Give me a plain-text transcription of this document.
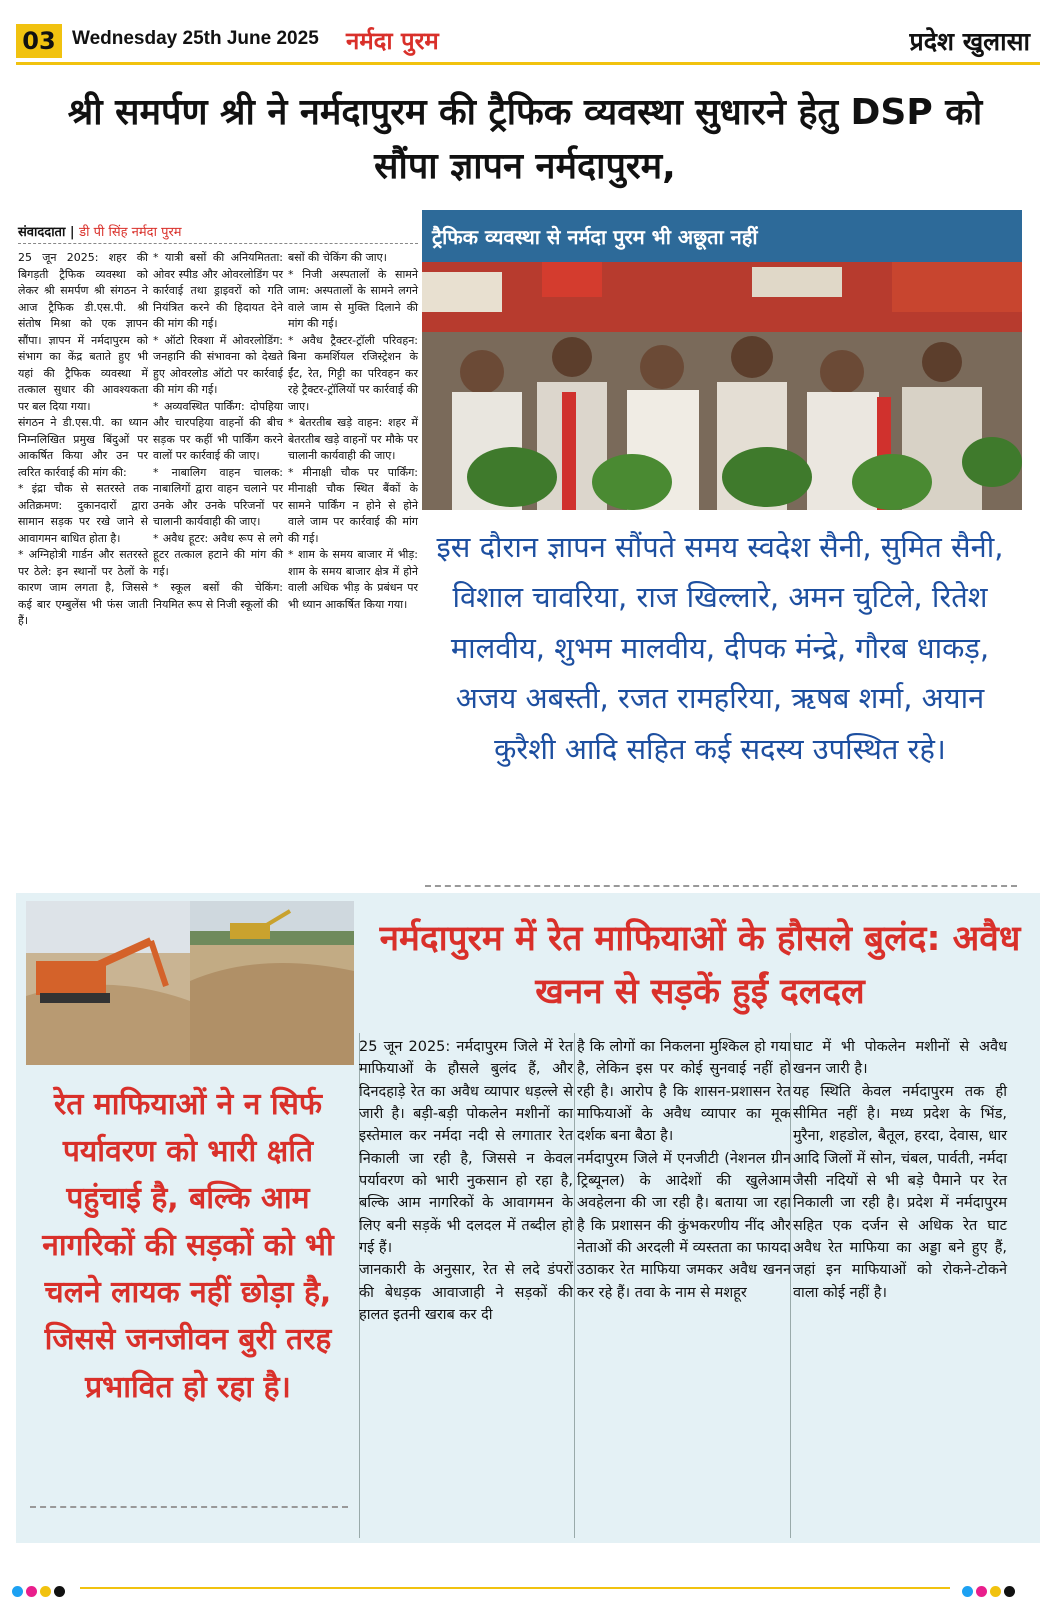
03 Wednesday 25th June 2025 नर्मदा पुरम	प्रदेश खुलासा
श्री समर्पण श्री ने नर्मदापुरम की ट्रैफिक व्यवस्था सुधारने हेतु DSP को सौंपा ज्ञापन नर्मदापुरम,
संवाददाता | डी पी सिंह नर्मदा पुरम
25 जून 2025: शहर की बिगड़ती ट्रैफिक व्यवस्था को लेकर श्री समर्पण श्री संगठन ने आज ट्रैफिक डी.एस.पी. श्री संतोष मिश्रा को एक ज्ञापन सौंपा। ज्ञापन में नर्मदापुरम को संभाग का केंद्र बताते हुए भी यहां की ट्रैफिक व्यवस्था में तत्काल सुधार की आवश्यकता पर बल दिया गया।
संगठन ने डी.एस.पी. का ध्यान निम्नलिखित प्रमुख बिंदुओं पर आकर्षित किया और उन पर त्वरित कार्रवाई की मांग की:
* इंद्रा चौक से सतरस्ते तक अतिक्रमण: दुकानदारों द्वारा सामान सड़क पर रखे जाने से आवागमन बाधित होता है।
* अग्निहोत्री गार्डन और सतरस्ते पर ठेले: इन स्थानों पर ठेलों के कारण जाम लगता है, जिससे कई बार एम्बुलेंस भी फंस जाती हैं।
* यात्री बसों की अनियमितता: ओवर स्पीड और ओवरलोडिंग पर कार्रवाई तथा ड्राइवरों को गति नियंत्रित करने की हिदायत देने की मांग की गई।
* ऑटो रिक्शा में ओवरलोडिंग: जनहानि की संभावना को देखते हुए ओवरलोड ऑटो पर कार्रवाई की मांग की गई।
* अव्यवस्थित पार्किंग: दोपहिया और चारपहिया वाहनों की बीच सड़क पर कहीं भी पार्किंग करने वालों पर कार्रवाई की जाए।
* नाबालिग वाहन चालक: नाबालिगों द्वारा वाहन चलाने पर उनके और उनके परिजनों पर चालानी कार्यवाही की जाए।
* अवैध हूटर: अवैध रूप से लगे हूटर तत्काल हटाने की मांग की गई।
* स्कूल बसों की चेकिंग: नियमित रूप से निजी स्कूलों की
बसों की चेकिंग की जाए।
* निजी अस्पतालों के सामने जाम: अस्पतालों के सामने लगने वाले जाम से मुक्ति दिलाने की मांग की गई।
* अवैध ट्रैक्टर-ट्रॉली परिवहन: बिना कमर्शियल रजिस्ट्रेशन के ईंट, रेत, गिट्टी का परिवहन कर रहे ट्रैक्टर-ट्रॉलियों पर कार्रवाई की जाए।
* बेतरतीब खड़े वाहन: शहर में बेतरतीब खड़े वाहनों पर मौके पर चालानी कार्यवाही की जाए।
* मीनाक्षी चौक पर पार्किंग: मीनाक्षी चौक स्थित बैंकों के सामने पार्किंग न होने से होने वाले जाम पर कार्रवाई की मांग की गई।
* शाम के समय बाजार में भीड़: शाम के समय बाजार क्षेत्र में होने वाली अधिक भीड़ के प्रबंधन पर भी ध्यान आकर्षित किया गया।
ट्रैफिक व्यवस्था से नर्मदा पुरम भी अछूता नहीं
इस दौरान ज्ञापन सौंपते समय स्वदेश सैनी, सुमित सैनी, विशाल चावरिया, राज खिल्लारे, अमन चुटिले, रितेश मालवीय, शुभम मालवीय, दीपक मंन्द्रे, गौरब धाकड़, अजय अबस्ती, रजत रामहरिया, ऋषब शर्मा, अयान कुरैशी आदि सहित कई सदस्य उपस्थित रहे।
नर्मदापुरम में रेत माफियाओं के हौसले बुलंद: अवैध खनन से सड़कें हुईं दलदल
रेत माफियाओं ने न सिर्फ पर्यावरण को भारी क्षति पहुंचाई है, बल्कि आम नागरिकों की सड़कों को भी चलने लायक नहीं छोड़ा है, जिससे जनजीवन बुरी तरह प्रभावित हो रहा है।
25 जून 2025: नर्मदापुरम जिले में रेत माफियाओं के हौसले बुलंद हैं, और दिनदहाड़े रेत का अवैध व्यापार धड़ल्ले से जारी है। बड़ी-बड़ी पोकलेन मशीनों का इस्तेमाल कर नर्मदा नदी से लगातार रेत निकाली जा रही है, जिससे न केवल पर्यावरण को भारी नुकसान हो रहा है, बल्कि आम नागरिकों के आवागमन के लिए बनी सड़कें भी दलदल में तब्दील हो गई हैं।
जानकारी के अनुसार, रेत से लदे डंपरों की बेधड़क आवाजाही ने सड़कों की हालत इतनी खराब कर दी
है कि लोगों का निकलना मुश्किल हो गया है, लेकिन इस पर कोई सुनवाई नहीं हो रही है। आरोप है कि शासन-प्रशासन रेत माफियाओं के अवैध व्यापार का मूक दर्शक बना बैठा है।
नर्मदापुरम जिले में एनजीटी (नेशनल ग्रीन ट्रिब्यूनल) के आदेशों की खुलेआम अवहेलना की जा रही है। बताया जा रहा है कि प्रशासन की कुंभकरणीय नींद और नेताओं की अरदली में व्यस्तता का फायदा उठाकर रेत माफिया जमकर अवैध खनन कर रहे हैं। तवा के नाम से मशहूर
घाट में भी पोकलेन मशीनों से अवैध खनन जारी है।
यह स्थिति केवल नर्मदापुरम तक ही सीमित नहीं है। मध्य प्रदेश के भिंड, मुरैना, शहडोल, बैतूल, हरदा, देवास, धार आदि जिलों में सोन, चंबल, पार्वती, नर्मदा जैसी नदियों से भी बड़े पैमाने पर रेत निकाली जा रही है। प्रदेश में नर्मदापुरम सहित एक दर्जन से अधिक रेत घाट अवैध रेत माफिया का अड्डा बने हुए हैं, जहां इन माफियाओं को रोकने-टोकने वाला कोई नहीं है।
